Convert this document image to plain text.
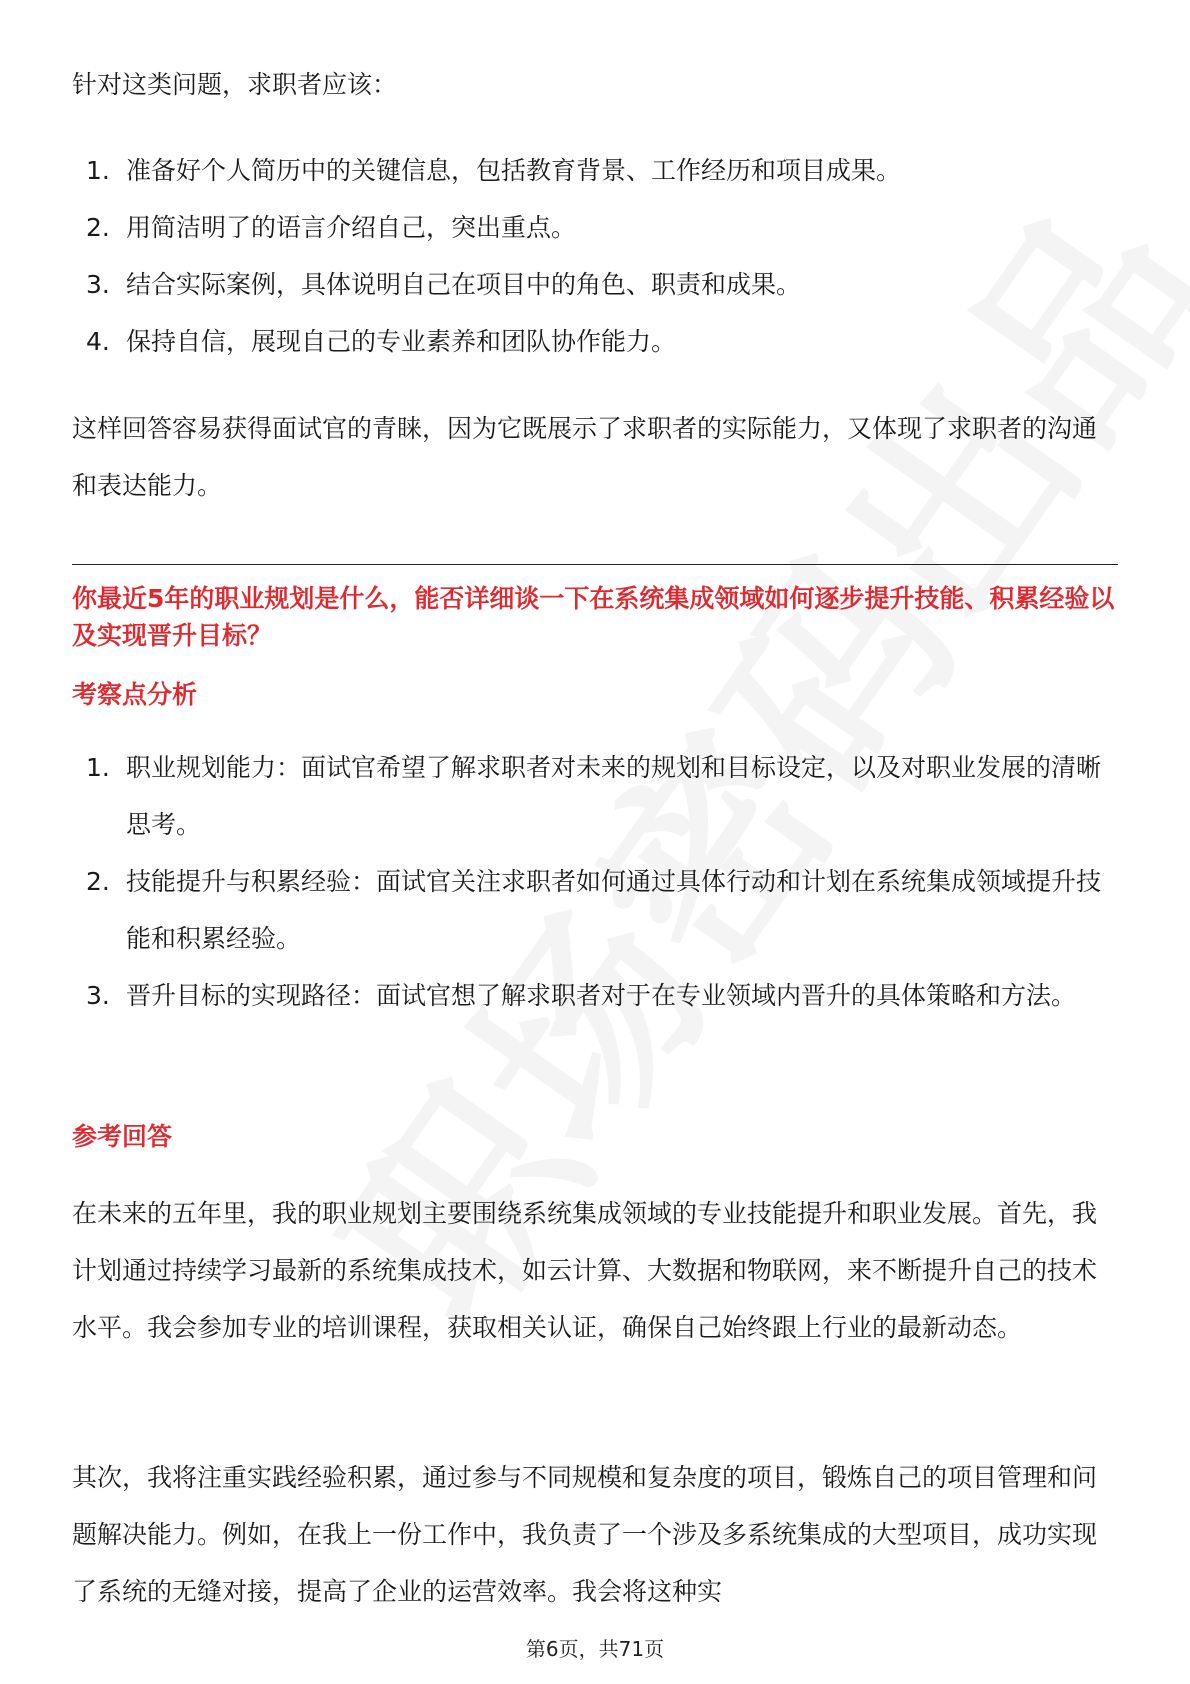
针对这类问题，求职者应该：

1. 准备好个人简历中的关键信息，包括教育背景、工作经历和项目成果。
2. 用简洁明了的语言介绍自己，突出重点。
3. 结合实际案例，具体说明自己在项目中的角色、职责和成果。
4. 保持自信，展现自己的专业素养和团队协作能力。

这样回答容易获得面试官的青睐，因为它既展示了求职者的实际能力，又体现了求职者的沟通和表达能力。

你最近5年的职业规划是什么，能否详细谈一下在系统集成领域如何逐步提升技能、积累经验以及实现晋升目标？
考察点分析
1. 职业规划能力：面试官希望了解求职者对未来的规划和目标设定，以及对职业发展的清晰思考。
2. 技能提升与积累经验：面试官关注求职者如何通过具体行动和计划在系统集成领域提升技能和积累经验。
3. 晋升目标的实现路径：面试官想了解求职者对于在专业领域内晋升的具体策略和方法。
参考回答

在未来的五年里，我的职业规划主要围绕系统集成领域的专业技能提升和职业发展。首先，我计划通过持续学习最新的系统集成技术，如云计算、大数据和物联网，来不断提升自己的技术水平。我会参加专业的培训课程，获取相关认证，确保自己始终跟上行业的最新动态。

其次，我将注重实践经验积累，通过参与不同规模和复杂度的项目，锻炼自己的项目管理和问题解决能力。例如，在我上一份工作中，我负责了一个涉及多系统集成的大型项目，成功实现了系统的无缝对接，提高了企业的运营效率。我会将这种实

第6页，共71页
